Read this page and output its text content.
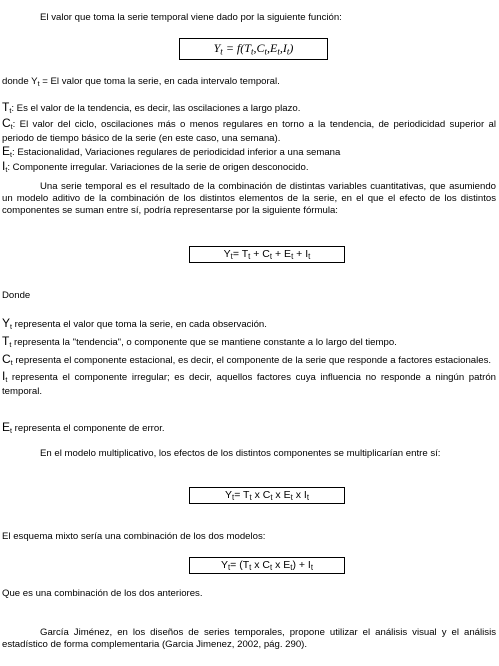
El valor que toma la serie temporal viene dado por la siguiente función:

$Y_t = f(T_t,C_t,E_t,I_t)$

donde $Y_t = El$ valor que toma la serie, en cada intervalo temporal.

$T_t$: Es el valor de la tendencia, es decir, las oscilaciones a largo plazo.
$C_t$: El valor del ciclo, oscilaciones más o menos regulares en torno a la tendencia, de periodicidad superior al periodo de tiempo básico de la serie (en este caso, una semana).
$E_t$: Estacionalidad, Variaciones regulares de periodicidad inferior a una semana
$I_t$: Componente irregular. Variaciones de la serie de origen desconocido.

Una serie temporal es el resultado de la combinación de distintas variables cuantitativas, que asumiendo un modelo aditivo de la combinación de los distintos elementos de la serie, en el que el efecto de los distintos componentes se suman entre sí, podría representarse por la siguiente fórmula:

$Y_t= T_t + C_t + E_t + I_t$

Donde

$Y_t$ representa el valor que toma la serie, en cada observación.
$T_t$ representa la "tendencia", o componente que se mantiene constante a lo largo del tiempo.
$C_t$ representa el componente estacional, es decir, el componente de la serie que responde a factores estacionales.
$I_t$ representa el componente irregular; es decir, aquellos factores cuya influencia no responde a ningún patrón temporal.

$E_t$ representa el componente de error.

En el modelo multiplicativo, los efectos de los distintos componentes se multiplicarían entre sí:

$Y_t= T_t$ x $C_t$ x $E_t$ x $I_t$

El esquema mixto sería una combinación de los dos modelos:

$Y_t= (T_t$ x $C_t$ x $E_t) + I_t$

Que es una combinación de los dos anteriores.

García Jiménez, en los diseños de series temporales, propone utilizar el análisis visual y el análisis estadístico de forma complementaria (Garcia Jimenez, 2002, pág. 290).
